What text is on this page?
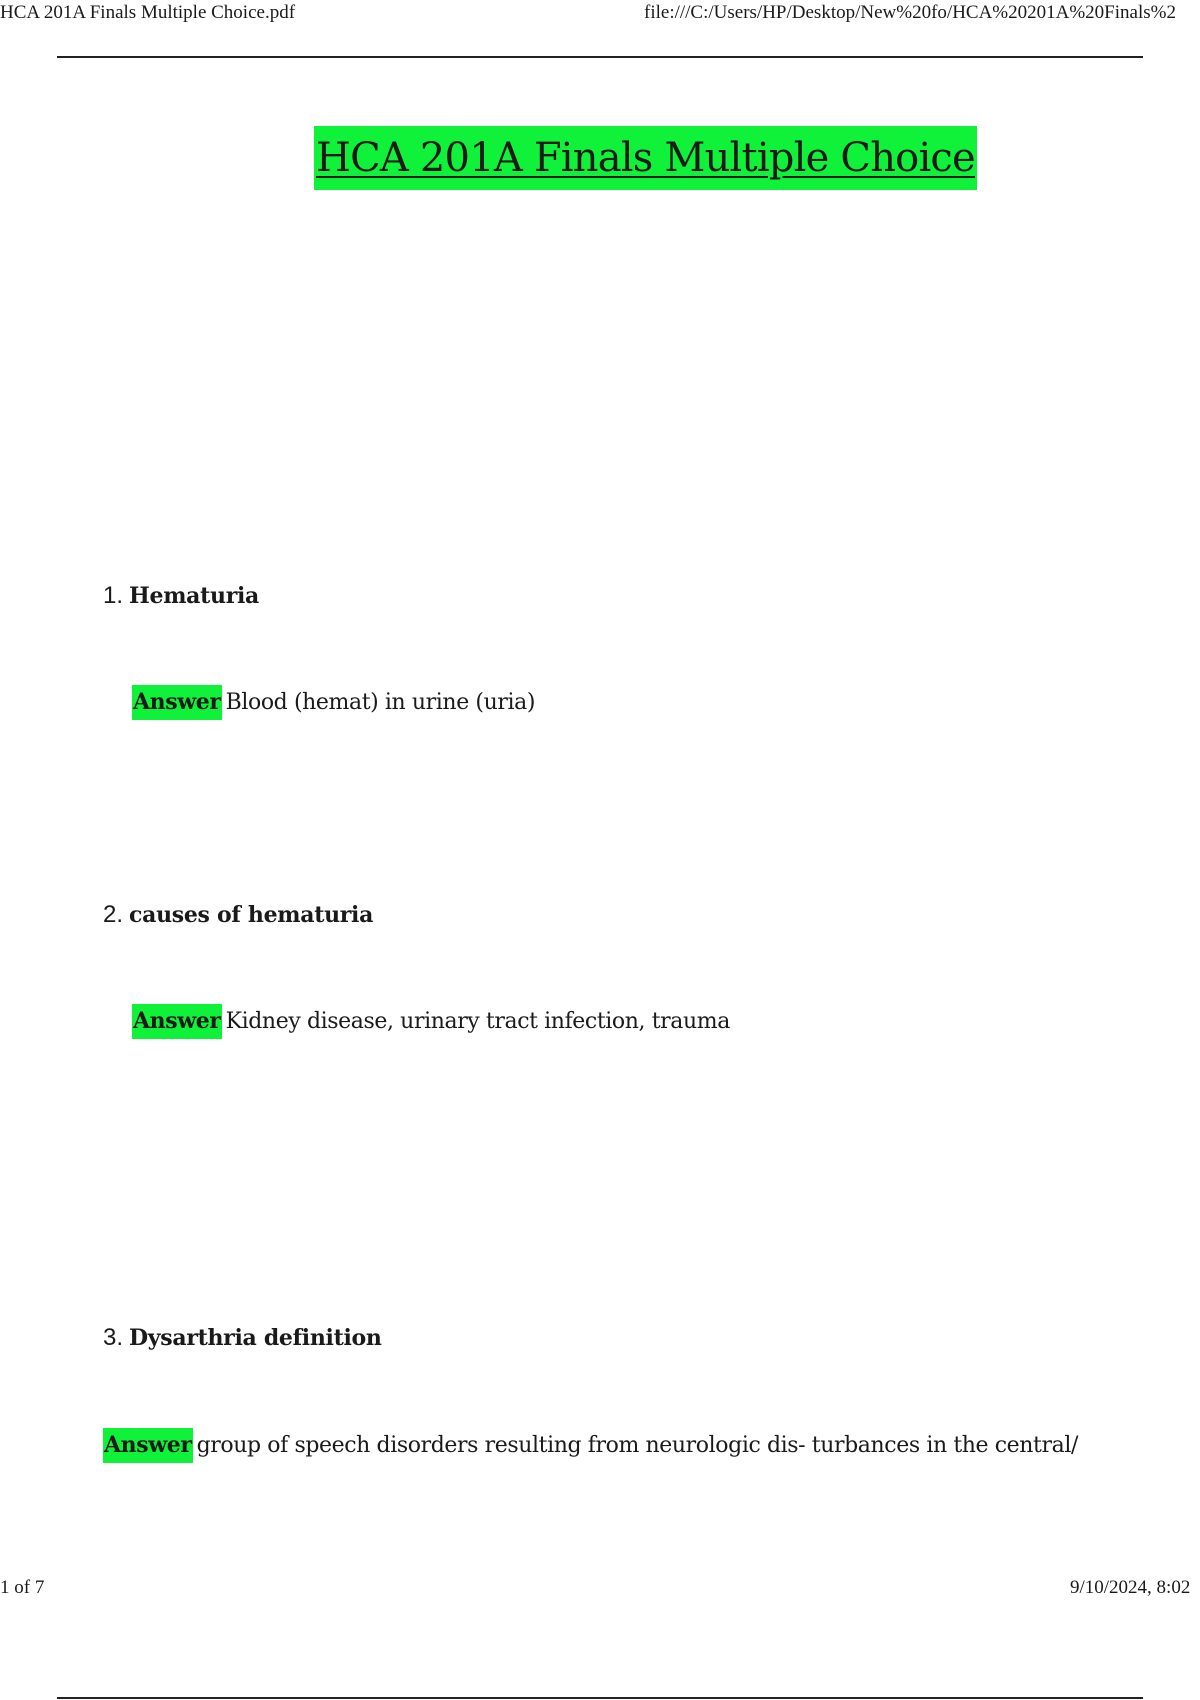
HCA 201A Finals Multiple Choice.pdf	file:///C:/Users/HP/Desktop/New%20fo/HCA%20201A%20Finals%2
HCA 201A Finals Multiple Choice
1. Hematuria
Answer Blood (hemat) in urine (uria)
2. causes of hematuria
Answer Kidney disease, urinary tract infection, trauma
3. Dysarthria definition
Answer group of speech disorders resulting from neurologic dis- turbances in the central/
1 of 7	9/10/2024, 8:02
